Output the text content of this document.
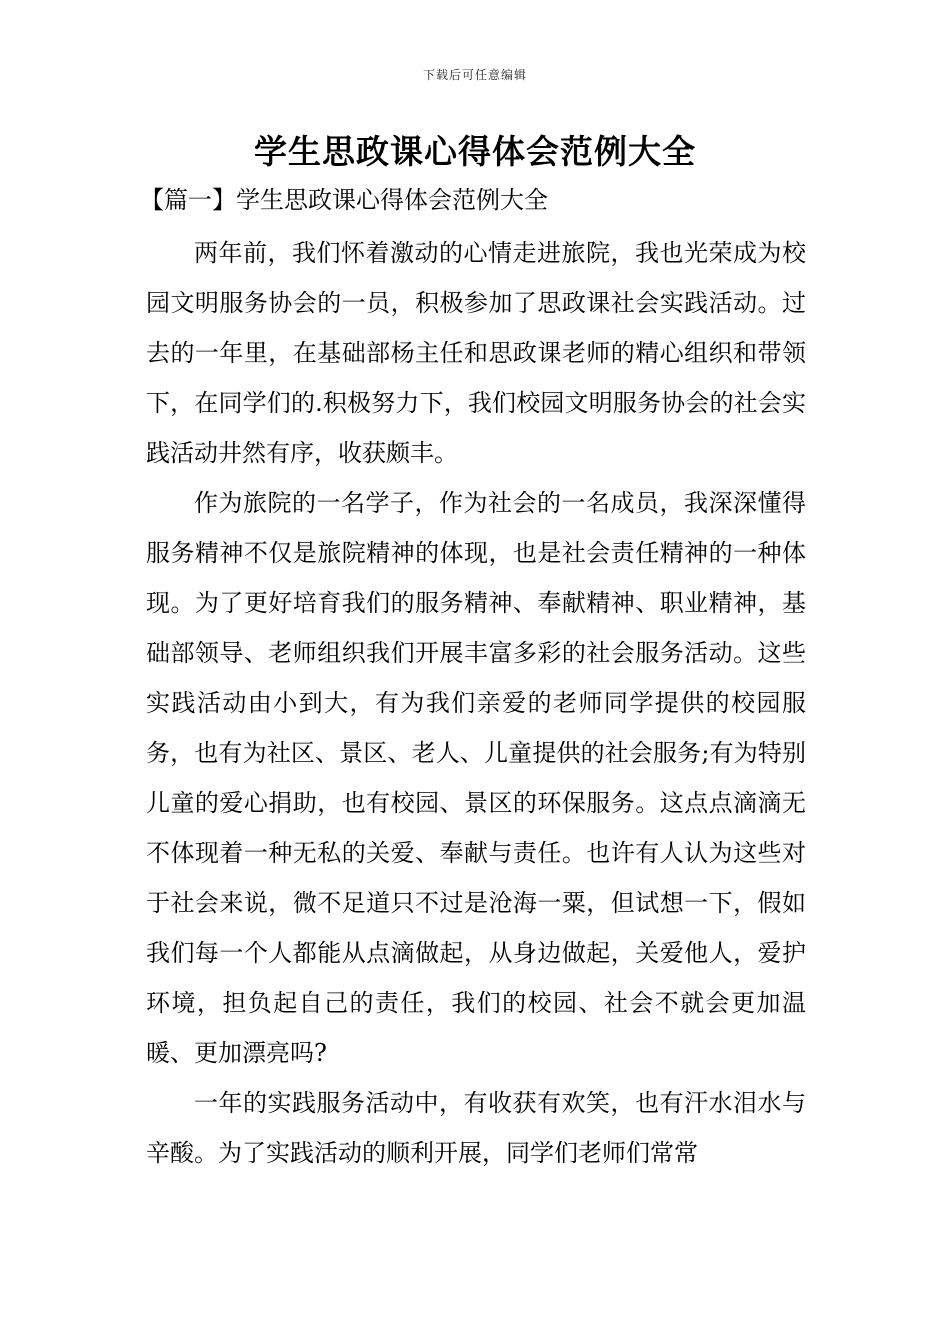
下载后可任意编辑
学生思政课心得体会范例大全
【篇一】学生思政课心得体会范例大全

两年前，我们怀着激动的心情走进旅院，我也光荣成为校园文明服务协会的一员，积极参加了思政课社会实践活动。过去的一年里，在基础部杨主任和思政课老师的精心组织和带领下，在同学们的.积极努力下，我们校园文明服务协会的社会实践活动井然有序，收获颇丰。

作为旅院的一名学子，作为社会的一名成员，我深深懂得服务精神不仅是旅院精神的体现，也是社会责任精神的一种体现。为了更好培育我们的服务精神、奉献精神、职业精神，基础部领导、老师组织我们开展丰富多彩的社会服务活动。这些实践活动由小到大，有为我们亲爱的老师同学提供的校园服务，也有为社区、景区、老人、儿童提供的社会服务;有为特别儿童的爱心捐助，也有校园、景区的环保服务。这点点滴滴无不体现着一种无私的关爱、奉献与责任。也许有人认为这些对于社会来说，微不足道只不过是沧海一粟，但试想一下，假如我们每一个人都能从点滴做起，从身边做起，关爱他人，爱护环境，担负起自己的责任，我们的校园、社会不就会更加温暖、更加漂亮吗?

一年的实践服务活动中，有收获有欢笑，也有汗水泪水与辛酸。为了实践活动的顺利开展，同学们老师们常常
